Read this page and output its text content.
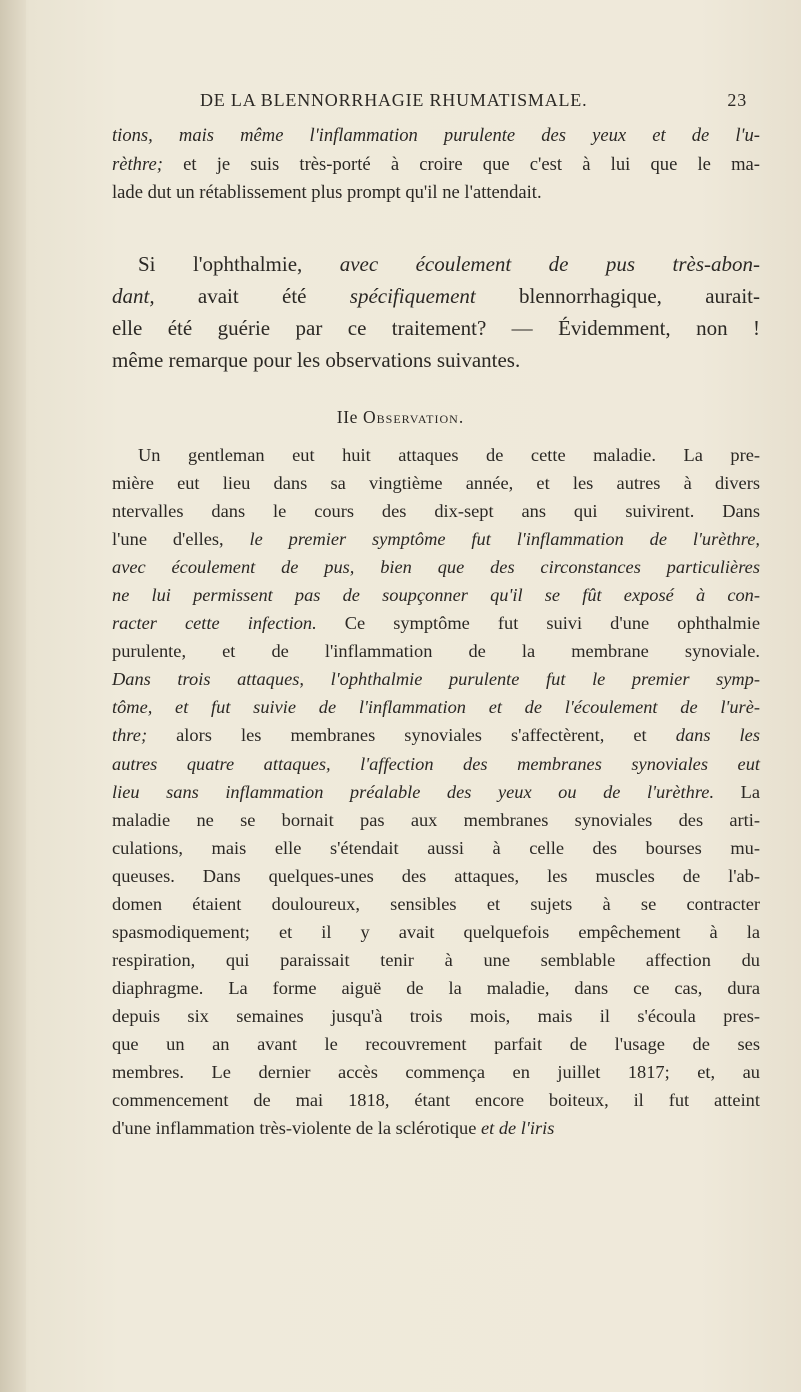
DE LA BLENNORRHAGIE RHUMATISMALE.	23
tions, mais même l'inflammation purulente des yeux et de l'u-
rèthre; et je suis très-porté à croire que c'est à lui que le ma-
lade dut un rétablissement plus prompt qu'il ne l'attendait.
Si l'ophthalmie, avec écoulement de pus très-abon-
dant, avait été spécifiquement blennorrhagique, aurait-
elle été guérie par ce traitement? — Évidemment, non !
même remarque pour les observations suivantes.
IIe Observation.
Un gentleman eut huit attaques de cette maladie. La pre-
mière eut lieu dans sa vingtième année, et les autres à divers
ntervalles dans le cours des dix-sept ans qui suivirent. Dans
l'une d'elles, le premier symptôme fut l'inflammation de l'urèthre,
avec écoulement de pus, bien que des circonstances particulières
ne lui permissent pas de soupçonner qu'il se fût exposé à con-
racter cette infection. Ce symptôme fut suivi d'une ophthalmie
purulente, et de l'inflammation de la membrane synoviale.
Dans trois attaques, l'ophthalmie purulente fut le premier symp-
tôme, et fut suivie de l'inflammation et de l'écoulement de l'urè-
thre; alors les membranes synoviales s'affectèrent, et dans les
autres quatre attaques, l'affection des membranes synoviales eut
lieu sans inflammation préalable des yeux ou de l'urèthre. La
maladie ne se bornait pas aux membranes synoviales des arti-
culations, mais elle s'étendait aussi à celle des bourses mu-
queuses. Dans quelques-unes des attaques, les muscles de l'ab-
domen étaient douloureux, sensibles et sujets à se contracter
spasmodiquement; et il y avait quelquefois empêchement à la
respiration, qui paraissait tenir à une semblable affection du
diaphragme. La forme aiguë de la maladie, dans ce cas, dura
depuis six semaines jusqu'à trois mois, mais il s'écoula pres-
que un an avant le recouvrement parfait de l'usage de ses
membres. Le dernier accès commença en juillet 1817; et, au
commencement de mai 1818, étant encore boiteux, il fut atteint
d'une inflammation très-violente de la sclérotique et de l'iris
